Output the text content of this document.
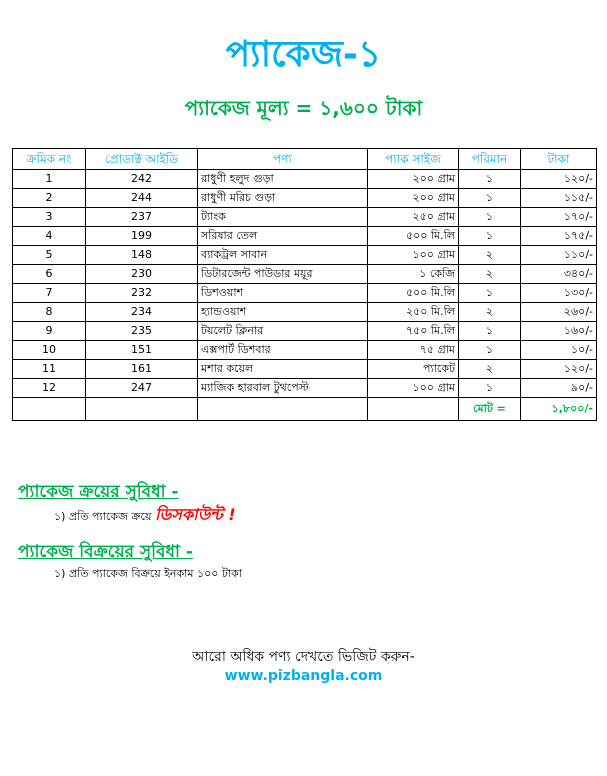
প্যাকেজ-১
প্যাকেজ মূল্য = ১,৬০০ টাকা
ক্রমিক নং	প্রোডাক্ট আইডি	পণ্য	প্যাক সাইজ	পরিমান	টাকা
1	242	রাধুণী হলুদ গুড়া	২০০ গ্রাম	১	১২০/-
2	244	রাধুণী মরিচ গুড়া	২০০ গ্রাম	১	১১৫/-
3	237	ট্যাংক	২৫০ গ্রাম	১	১৭০/-
4	199	সরিষার তেল	৫০০ মি.লি	১	১৭৫/-
5	148	ব্যাকট্রল সাবান	১০০ গ্রাম	২	১১০/-
6	230	ডিটারজেন্ট পাউডার ময়ূর	১ কেজি	২	৩৪০/-
7	232	ডিশওয়াশ	৫০০ মি.লি	১	১৩০/-
8	234	হ্যান্ডওয়াশ	২৫০ মি.লি	২	২৬০/-
9	235	টয়লেট ক্লিনার	৭৫০ মি.লি	১	১৬০/-
10	151	এক্সপার্ট ডিশবার	৭৫ গ্রাম	১	১০/-
11	161	মশার কয়েল	প্যাকেট	২	১২০/-
12	247	ম্যাজিক হারবাল টুথপেস্ট	১০০ গ্রাম	১	৯০/-
				মোট =	১,৮০০/-
প্যাকেজ ক্রয়ের সুবিধা -
১) প্রতি প্যাকেজ ক্রয়ে ডিসকাউন্ট !
প্যাকেজ বিক্রয়ের সুবিধা -
১) প্রতি প্যাকেজ বিক্রয়ে ইনকাম ১০০ টাকা
আরো অধিক পণ্য দেখতে ভিজিট করুন-
www.pizbangla.com
